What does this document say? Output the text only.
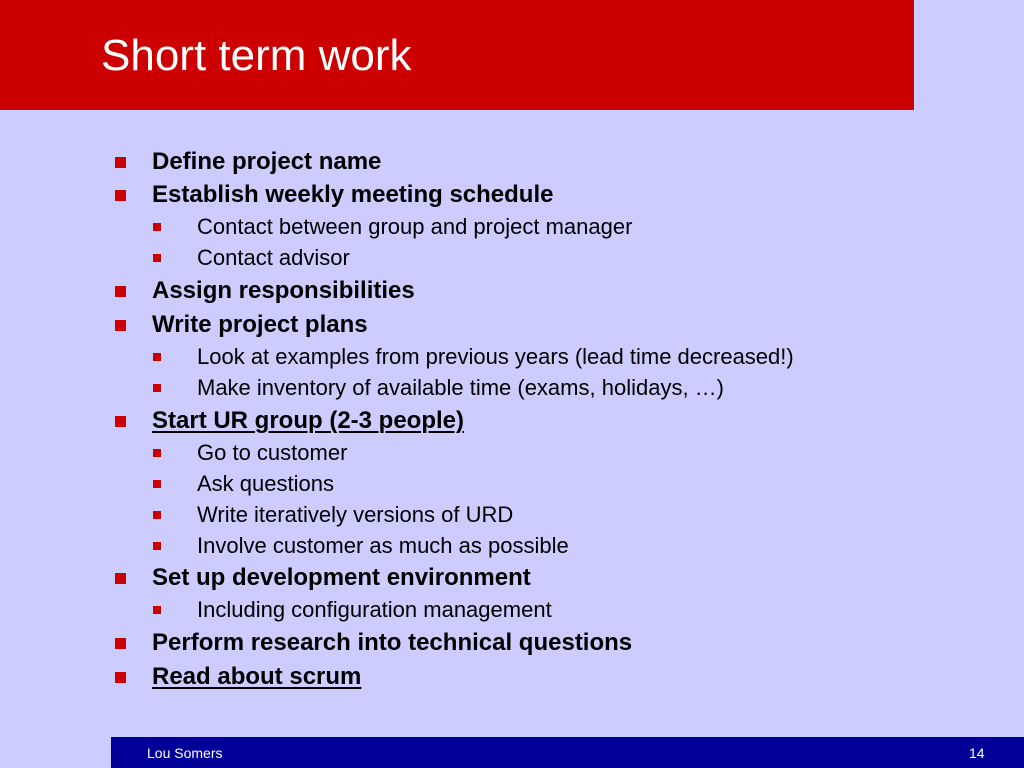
Short term work
Define project name
Establish weekly meeting schedule
Contact between group and project manager
Contact advisor
Assign responsibilities
Write project plans
Look at examples from previous years (lead time decreased!)
Make inventory of available time (exams, holidays, …)
Start UR group (2-3 people)
Go to customer
Ask questions
Write iteratively versions of URD
Involve customer as much as possible
Set up development environment
Including configuration management
Perform research into technical questions
Read about scrum
Lou Somers	14
